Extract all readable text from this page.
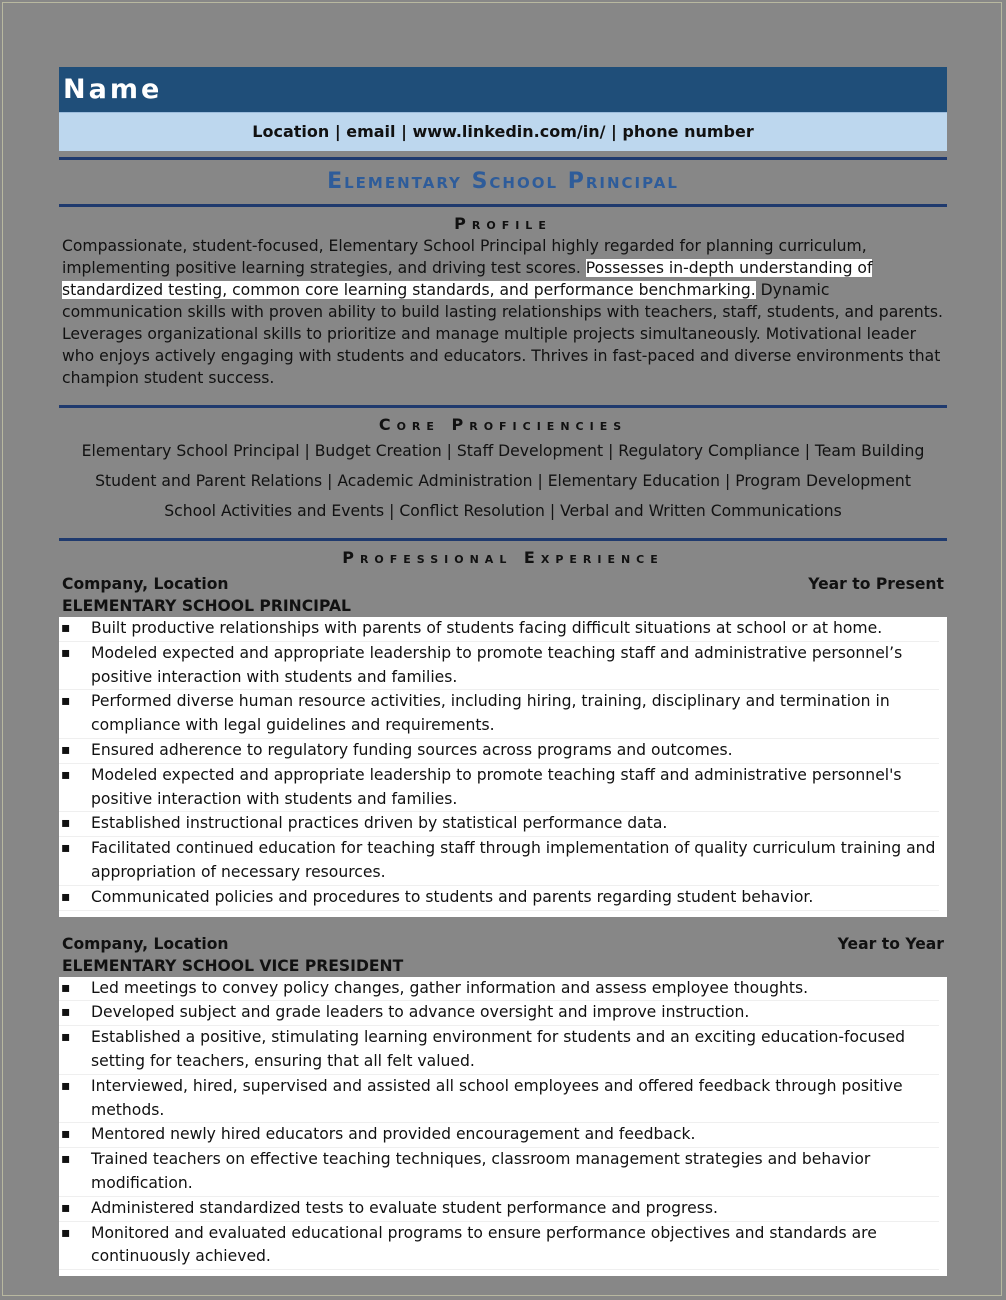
Name
Location | email | www.linkedin.com/in/ | phone number
Elementary School Principal
Profile
Compassionate, student-focused, Elementary School Principal highly regarded for planning curriculum, implementing positive learning strategies, and driving test scores. Possesses in-depth understanding of standardized testing, common core learning standards, and performance benchmarking. Dynamic communication skills with proven ability to build lasting relationships with teachers, staff, students, and parents. Leverages organizational skills to prioritize and manage multiple projects simultaneously. Motivational leader who enjoys actively engaging with students and educators. Thrives in fast-paced and diverse environments that champion student success.
Core Proficiencies
Elementary School Principal | Budget Creation | Staff Development | Regulatory Compliance | Team Building
Student and Parent Relations | Academic Administration | Elementary Education | Program Development
School Activities and Events | Conflict Resolution | Verbal and Written Communications
Professional Experience
Company, Location	Year to Present
ELEMENTARY SCHOOL PRINCIPAL
▪ Built productive relationships with parents of students facing difficult situations at school or at home.
▪ Modeled expected and appropriate leadership to promote teaching staff and administrative personnel’s positive interaction with students and families.
▪ Performed diverse human resource activities, including hiring, training, disciplinary and termination in compliance with legal guidelines and requirements.
▪ Ensured adherence to regulatory funding sources across programs and outcomes.
▪ Modeled expected and appropriate leadership to promote teaching staff and administrative personnel's positive interaction with students and families.
▪ Established instructional practices driven by statistical performance data.
▪ Facilitated continued education for teaching staff through implementation of quality curriculum training and appropriation of necessary resources.
▪ Communicated policies and procedures to students and parents regarding student behavior.
Company, Location	Year to Year
ELEMENTARY SCHOOL VICE PRESIDENT
▪ Led meetings to convey policy changes, gather information and assess employee thoughts.
▪ Developed subject and grade leaders to advance oversight and improve instruction.
▪ Established a positive, stimulating learning environment for students and an exciting education-focused setting for teachers, ensuring that all felt valued.
▪ Interviewed, hired, supervised and assisted all school employees and offered feedback through positive methods.
▪ Mentored newly hired educators and provided encouragement and feedback.
▪ Trained teachers on effective teaching techniques, classroom management strategies and behavior modification.
▪ Administered standardized tests to evaluate student performance and progress.
▪ Monitored and evaluated educational programs to ensure performance objectives and standards are continuously achieved.
